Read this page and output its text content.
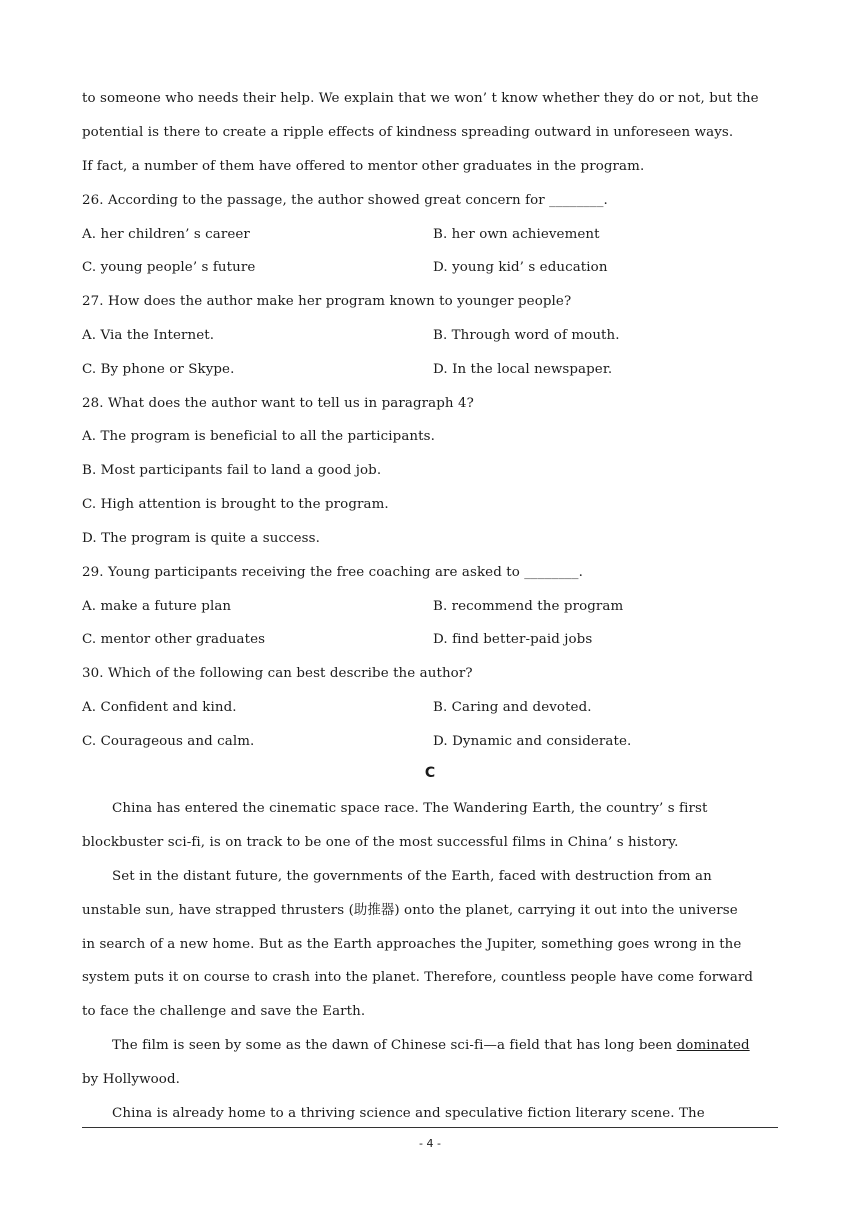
to someone who needs their help. We explain that we won’ t know whether they do or not, but the
potential is there to create a ripple effects of kindness spreading outward in unforeseen ways.
If fact, a number of them have offered to mentor other graduates in the program.
26. According to the passage, the author showed great concern for ________.
A. her children’ s career	B. her own achievement
C. young people’ s future	D. young kid’ s education
27. How does the author make her program known to younger people?
A. Via the Internet.	B. Through word of mouth.
C. By phone or Skype.	D. In the local newspaper.
28. What does the author want to tell us in paragraph 4?
A. The program is beneficial to all the participants.
B. Most participants fail to land a good job.
C. High attention is brought to the program.
D. The program is quite a success.
29. Young participants receiving the free coaching are asked to ________.
A. make a future plan	B. recommend the program
C. mentor other graduates	D. find better-paid jobs
30. Which of the following can best describe the author?
A. Confident and kind.	B. Caring and devoted.
C. Courageous and calm.	D. Dynamic and considerate.
C
China has entered the cinematic space race. The Wandering Earth, the country’ s first
blockbuster sci-fi, is on track to be one of the most successful films in China’ s history.
Set in the distant future, the governments of the Earth, faced with destruction from an
unstable sun, have strapped thrusters (助推器) onto the planet, carrying it out into the universe
in search of a new home. But as the Earth approaches the Jupiter, something goes wrong in the
system puts it on course to crash into the planet. Therefore, countless people have come forward
to face the challenge and save the Earth.
The film is seen by some as the dawn of Chinese sci-fi—a field that has long been dominated
by Hollywood.
China is already home to a thriving science and speculative fiction literary scene. The
- 4 -
